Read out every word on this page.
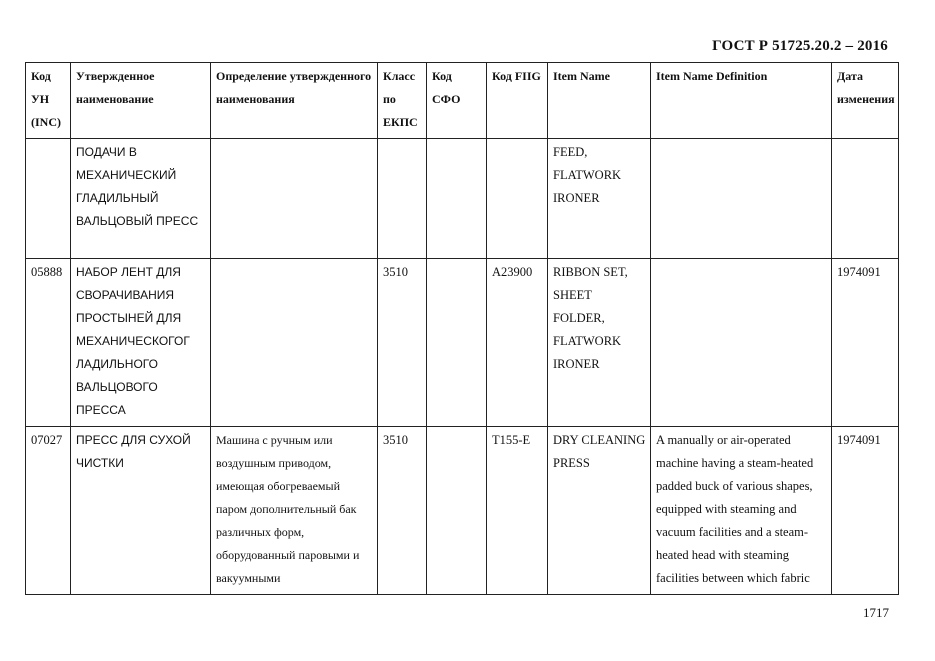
ГОСТ Р 51725.20.2 – 2016
Код УН (INC)	Утвержденное наименование	Определение утвержденного наименования	Класс по ЕКПС	Код СФО	Код FIIG	Item Name	Item Name Definition	Дата изменения
	ПОДАЧИ В МЕХАНИЧЕСКИЙ ГЛАДИЛЬНЫЙ ВАЛЬЦОВЫЙ ПРЕСС					FEED, FLATWORK IRONER		
05888	НАБОР ЛЕНТ ДЛЯ СВОРАЧИВАНИЯ ПРОСТЫНЕЙ ДЛЯ МЕХАНИЧЕСКОГОГ ЛАДИЛЬНОГО ВАЛЬЦОВОГО ПРЕССА		3510		A23900	RIBBON SET, SHEET FOLDER, FLATWORK IRONER		1974091
07027	ПРЕСС ДЛЯ СУХОЙ ЧИСТКИ	Машина с ручным или воздушным приводом, имеющая обогреваемый паром дополнительный бак различных форм, оборудованный паровыми и вакуумными	3510		T155-E	DRY CLEANING PRESS	A manually or air-operated machine having a steam-heated padded buck of various shapes, equipped with steaming and vacuum facilities and a steam-heated head with steaming facilities between which fabric	1974091
1717
